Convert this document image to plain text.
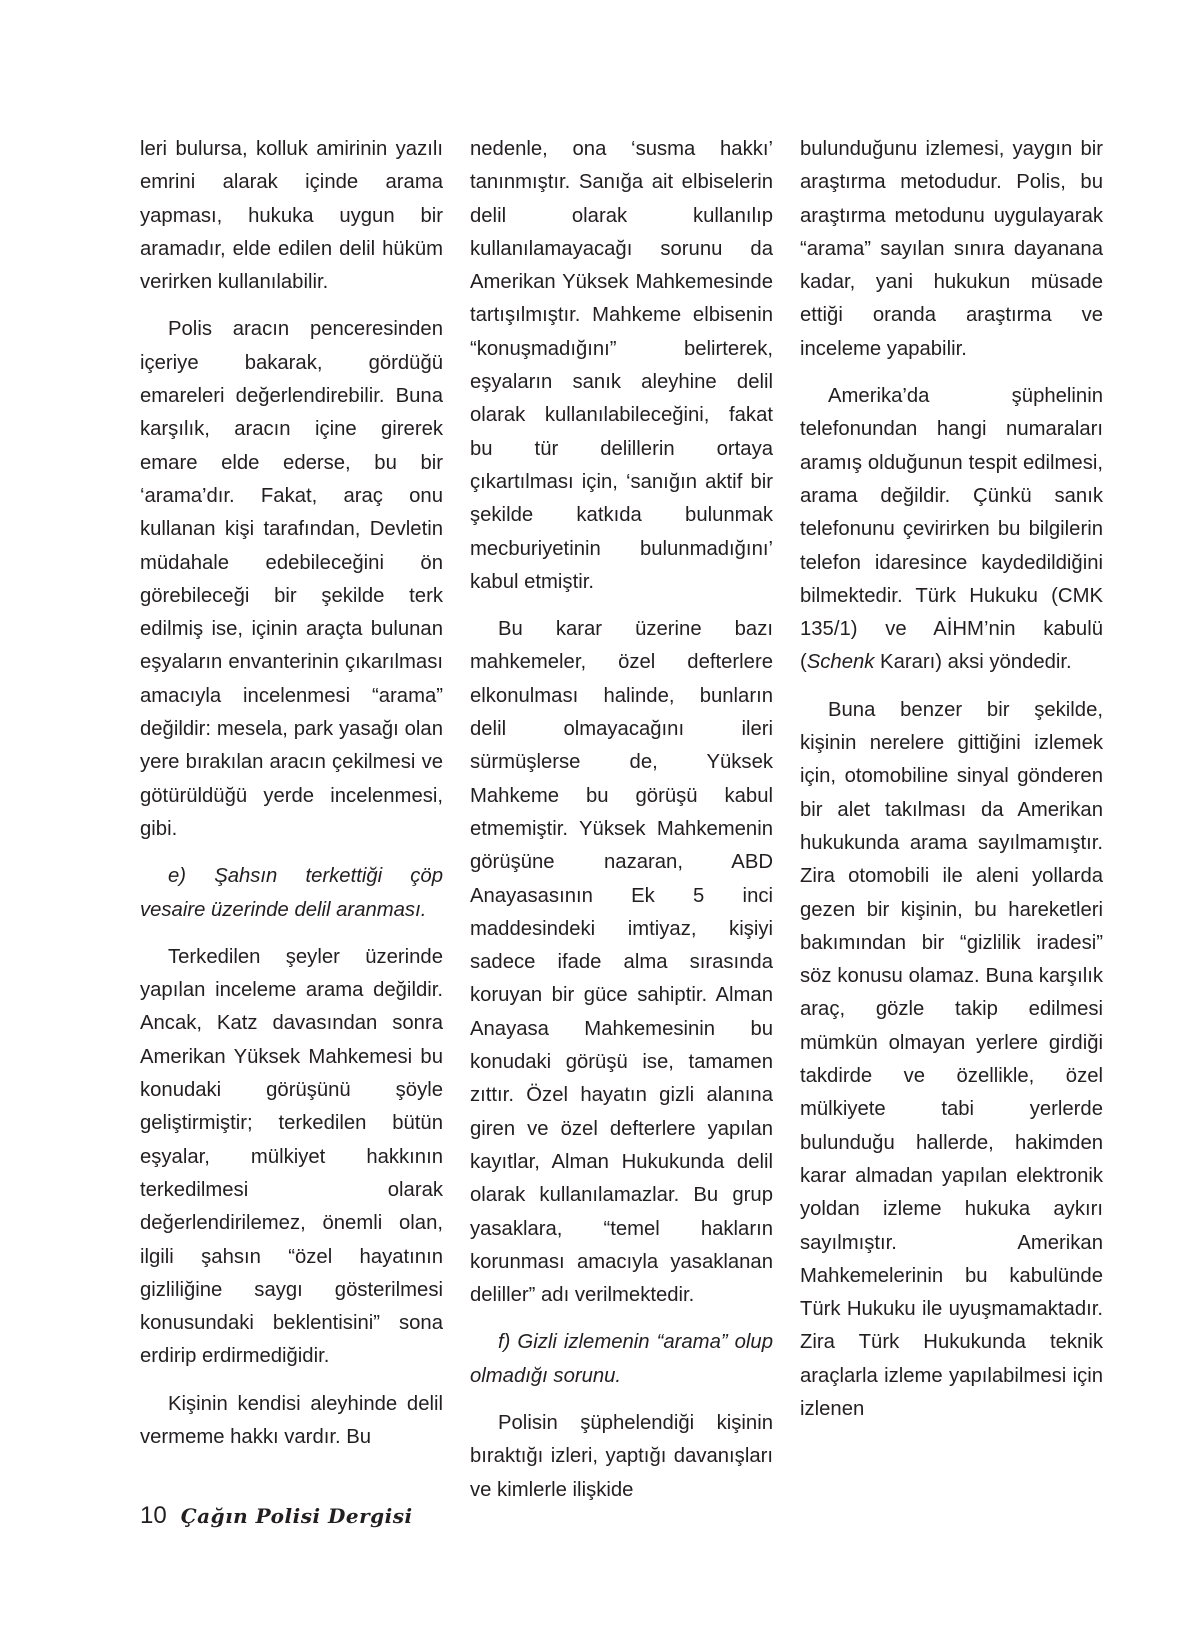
leri bulursa, kolluk amirinin yazılı emrini alarak içinde arama yapması, hukuka uygun bir aramadır, elde edilen delil hüküm verirken kullanılabilir.

Polis aracın penceresinden içeriye bakarak, gördüğü emareleri değerlendirebilir. Buna karşılık, aracın içine girerek emare elde ederse, bu bir ‘arama’dır. Fakat, araç onu kullanan kişi tarafından, Devletin müdahale edebileceğini ön görebileceği bir şekilde terk edilmiş ise, içinin araçta bulunan eşyaların envanterinin çıkarılması amacıyla incelenmesi “arama” değildir: mesela, park yasağı olan yere bırakılan aracın çekilmesi ve götürüldüğü yerde incelenmesi, gibi.

e) Şahsın terkettiği çöp vesaire üzerinde delil aranması.

Terkedilen şeyler üzerinde yapılan inceleme arama değildir. Ancak, Katz davasından sonra Amerikan Yüksek Mahkemesi bu konudaki görüşünü şöyle geliştirmiştir; terkedilen bütün eşyalar, mülkiyet hakkının terkedilmesi olarak değerlendirilemez, önemli olan, ilgili şahsın “özel hayatının gizliliğine saygı gösterilmesi konusundaki beklentisini” sona erdirip erdirmediğidir.

Kişinin kendisi aleyhinde delil vermeme hakkı vardır. Bu

nedenle, ona ‘susma hakkı’ tanınmıştır. Sanığa ait elbiselerin delil olarak kullanılıp kullanılamayacağı sorunu da Amerikan Yüksek Mahkemesinde tartışılmıştır. Mahkeme elbisenin “konuşmadığını” belirterek, eşyaların sanık aleyhine delil olarak kullanılabileceğini, fakat bu tür delillerin ortaya çıkartılması için, ‘sanığın aktif bir şekilde katkıda bulunmak mecburiyetinin bulunmadığını’ kabul etmiştir.

Bu karar üzerine bazı mahkemeler, özel defterlere elkonulması halinde, bunların delil olmayacağını ileri sürmüşlerse de, Yüksek Mahkeme bu görüşü kabul etmemiştir. Yüksek Mahkemenin görüşüne nazaran, ABD Anayasasının Ek 5 inci maddesindeki imtiyaz, kişiyi sadece ifade alma sırasında koruyan bir güce sahiptir. Alman Anayasa Mahkemesinin bu konudaki görüşü ise, tamamen zıttır. Özel hayatın gizli alanına giren ve özel defterlere yapılan kayıtlar, Alman Hukukunda delil olarak kullanılamazlar. Bu grup yasaklara, “temel hakların korunması amacıyla yasaklanan deliller” adı verilmektedir.

f) Gizli izlemenin “arama” olup olmadığı sorunu.

Polisin şüphelendiği kişinin bıraktığı izleri, yaptığı davanışları ve kimlerle ilişkide

bulunduğunu izlemesi, yaygın bir araştırma metodudur. Polis, bu araştırma metodunu uygulayarak “arama” sayılan sınıra dayanana kadar, yani hukukun müsade ettiği oranda araştırma ve inceleme yapabilir.

Amerika’da şüphelinin telefonundan hangi numaraları aramış olduğunun tespit edilmesi, arama değildir. Çünkü sanık telefonunu çevirirken bu bilgilerin telefon idaresince kaydedildiğini bilmektedir. Türk Hukuku (CMK 135/1) ve AİHM’nin kabulü (Schenk Kararı) aksi yöndedir.

Buna benzer bir şekilde, kişinin nerelere gittiğini izlemek için, otomobiline sinyal gönderen bir alet takılması da Amerikan hukukunda arama sayılmamıştır. Zira otomobili ile aleni yollarda gezen bir kişinin, bu hareketleri bakımından bir “gizlilik iradesi” söz konusu olamaz. Buna karşılık araç, gözle takip edilmesi mümkün olmayan yerlere girdiği takdirde ve özellikle, özel mülkiyete tabi yerlerde bulunduğu hallerde, hakimden karar almadan yapılan elektronik yoldan izleme hukuka aykırı sayılmıştır. Amerikan Mahkemelerinin bu kabulünde Türk Hukuku ile uyuşmamaktadır. Zira Türk Hukukunda teknik araçlarla izleme yapılabilmesi için izlenen

10 Çağın Polisi Dergisi
